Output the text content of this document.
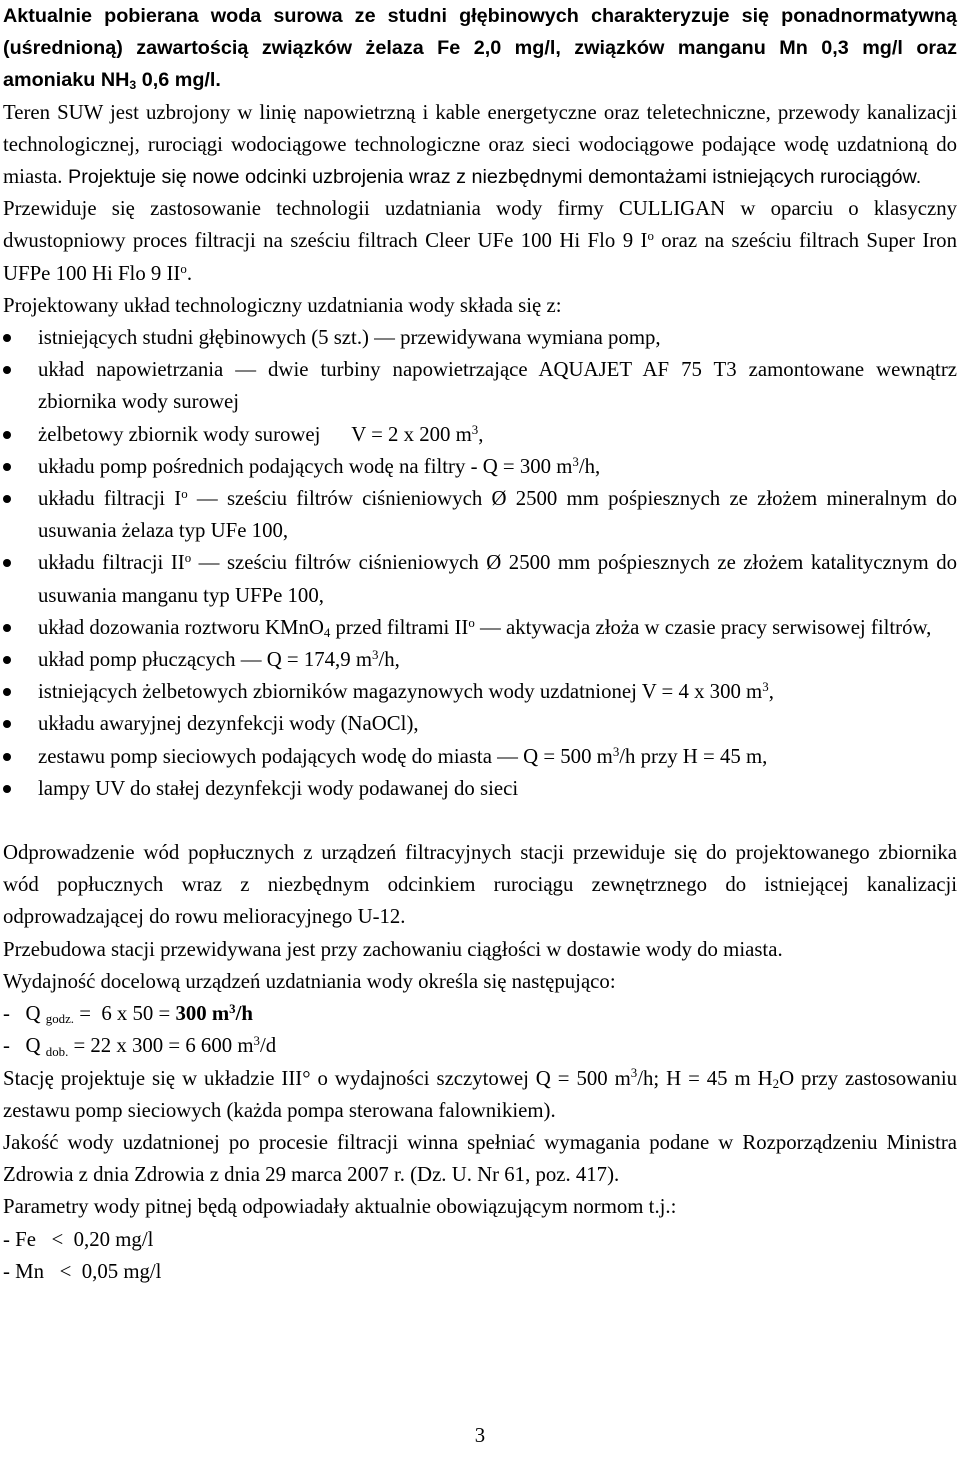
Aktualnie pobierana woda surowa ze studni głębinowych charakteryzuje się ponadnormatywną (uśrednioną) zawartością związków żelaza Fe 2,0 mg/l, związków manganu Mn 0,3 mg/l oraz amoniaku $NH_3$ 0,6 mg/l.

Teren SUW jest uzbrojony w linię napowietrzną i kable energetyczne oraz teletechniczne, przewody kanalizacji technologicznej, rurociągi wodociągowe technologiczne oraz sieci wodociągowe podające wodę uzdatnioną do miasta. Projektuje się nowe odcinki uzbrojenia wraz z niezbędnymi demontażami istniejących rurociągów.

Przewiduje się zastosowanie technologii uzdatniania wody firmy CULLIGAN w oparciu o klasyczny dwustopniowy proces filtracji na sześciu filtrach Cleer UFe 100 Hi Flo 9 $I^o$ oraz na sześciu filtrach Super Iron UFPe 100 Hi Flo 9 $II^o$.

Projektowany układ technologiczny uzdatniania wody składa się z:

istniejących studni głębinowych (5 szt.) — przewidywana wymiana pomp,
układ napowietrzania — dwie turbiny napowietrzające AQUAJET AF 75 T3 zamontowane wewnątrz zbiornika wody surowej
żelbetowy zbiornik wody surowej      V = 2 x 200 $m^3$,
układu pomp pośrednich podających wodę na filtry - Q = 300 $m^3/h$,
układu filtracji $I^o$ — sześciu filtrów ciśnieniowych Ø 2500 mm pośpiesznych ze złożem mineralnym do usuwania żelaza typ UFe 100,
układu filtracji $II^o$ — sześciu filtrów ciśnieniowych Ø 2500 mm pośpiesznych ze złożem katalitycznym do usuwania manganu typ UFPe 100,
układ dozowania roztworu KMnO$_4$ przed filtrami $II^o$ — aktywacja złoża w czasie pracy serwisowej filtrów,
układ pomp płuczących — Q = 174,9 $m^3/h$,
istniejących żelbetowych zbiorników magazynowych wody uzdatnionej V = 4 x 300 $m^3$,
układu awaryjnej dezynfekcji wody (NaOCl),
zestawu pomp sieciowych podających wodę do miasta — Q = 500 $m^3/h$ przy H = 45 m,
lampy UV do stałej dezynfekcji wody podawanej do sieci

Odprowadzenie wód popłucznych z urządzeń filtracyjnych stacji przewiduje się do projektowanego zbiornika wód popłucznych wraz z niezbędnym odcinkiem rurociągu zewnętrznego do istniejącej kanalizacji odprowadzającej do rowu melioracyjnego U-12.

Przebudowa stacji przewidywana jest przy zachowaniu ciągłości w dostawie wody do miasta.

Wydajność docelową urządzeń uzdatniania wody określa się następująco:

-   Q $_{godz.}$ =  6 x 50 = 300 $m^3/h$

-   Q $_{dob.}$ = 22 x 300 = 6 600 $m^3/d$

Stację projektuje się w układzie III° o wydajności szczytowej Q = 500 $m^3/h$; H = 45 m $H_2O$ przy zastosowaniu zestawu pomp sieciowych (każda pompa sterowana falownikiem).

Jakość wody uzdatnionej po procesie filtracji winna spełniać wymagania podane w Rozporządzeniu Ministra Zdrowia z dnia Zdrowia z dnia 29 marca 2007 r. (Dz. U. Nr 61, poz. 417).

Parametry wody pitnej będą odpowiadały aktualnie obowiązującym normom t.j.:

- Fe   <  0,20 mg/l

- Mn   <  0,05 mg/l

3
